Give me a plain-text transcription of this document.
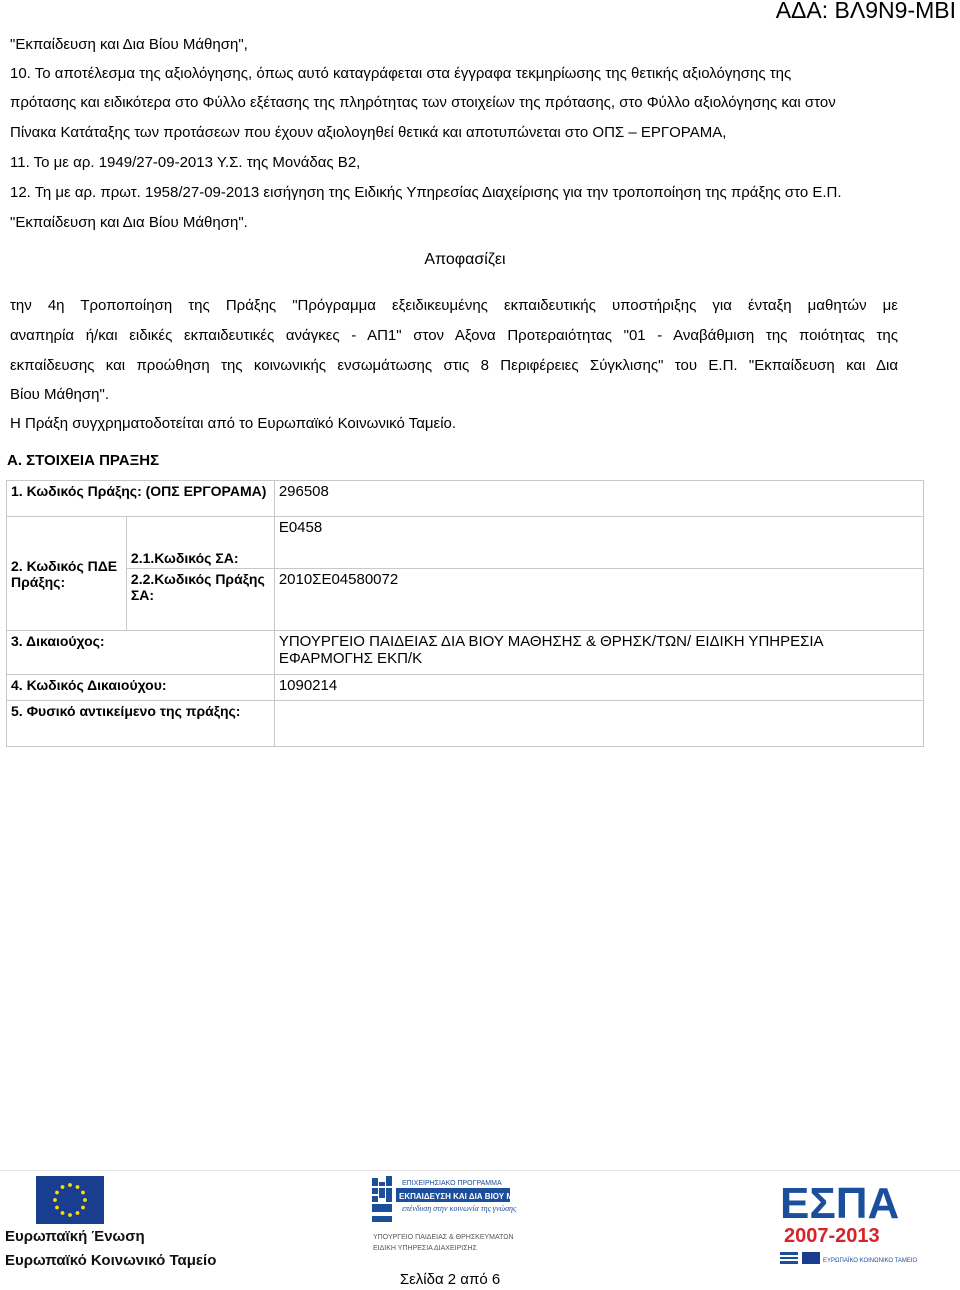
ΑΔΑ: ΒΛ9Ν9-ΜΒΙ
"Εκπαίδευση και Δια Βίου Μάθηση",
10. Το αποτέλεσμα της αξιολόγησης, όπως αυτό καταγράφεται στα έγγραφα τεκμηρίωσης της θετικής αξιολόγησης της
πρότασης και ειδικότερα στο Φύλλο εξέτασης της πληρότητας των στοιχείων της πρότασης, στο Φύλλο αξιολόγησης και στον
Πίνακα Κατάταξης των προτάσεων που έχουν αξιολογηθεί θετικά και αποτυπώνεται στο ΟΠΣ – ΕΡΓΟΡΑΜΑ,
11. Το με αρ. 1949/27-09-2013 Υ.Σ. της Μονάδας Β2,
12. Τη με αρ. πρωτ. 1958/27-09-2013 εισήγηση της Ειδικής Υπηρεσίας Διαχείρισης για την τροποποίηση της πράξης στο Ε.Π.
"Εκπαίδευση και Δια Βίου Μάθηση".
Αποφασίζει
την 4η Τροποποίηση της Πράξης "Πρόγραμμα εξειδικευμένης εκπαιδευτικής υποστήριξης για ένταξη μαθητών με
αναπηρία ή/και ειδικές εκπαιδευτικές ανάγκες - ΑΠ1" στον Αξονα Προτεραιότητας "01 - Αναβάθμιση της ποιότητας της
εκπαίδευσης και προώθηση της κοινωνικής ενσωμάτωσης στις 8 Περιφέρειες Σύγκλισης" του Ε.Π. "Εκπαίδευση και Δια
Βίου Μάθηση".
Η Πράξη συγχρηματοδοτείται από το Ευρωπαϊκό Κοινωνικό Ταμείο.
Α. ΣΤΟΙΧΕΙΑ ΠΡΑΞΗΣ
1. Κωδικός Πράξης: (ΟΠΣ ΕΡΓΟΡΑΜΑ)		296508
2. Κωδικός ΠΔΕ Πράξης:	2.1.Κωδικός ΣΑ:	Ε0458
	2.2.Κωδικός Πράξης ΣΑ:	2010ΣΕ04580072
3. Δικαιούχος:		ΥΠΟΥΡΓΕΙΟ ΠΑΙΔΕΙΑΣ ΔΙΑ ΒΙΟΥ ΜΑΘΗΣΗΣ & ΘΡΗΣΚ/ΤΩΝ/ ΕΙΔΙΚΗ ΥΠΗΡΕΣΙΑ ΕΦΑΡΜΟΓΗΣ ΕΚΠ/Κ
4. Κωδικός Δικαιούχου:		1090214
5. Φυσικό αντικείμενο της πράξης:		
Ευρωπαϊκή Ένωση
Ευρωπαϊκό Κοινωνικό Ταμείο
ΕΠΙΧΕΙΡΗΣΙΑΚΟ ΠΡΟΓΡΑΜΜΑ
ΕΚΠΑΙΔΕΥΣΗ ΚΑΙ ΔΙΑ ΒΙΟΥ ΜΑΘΗΣΗ
επένδυση στην κοινωνία της γνώσης
ΥΠΟΥΡΓΕΙΟ ΠΑΙΔΕΙΑΣ & ΘΡΗΣΚΕΥΜΑΤΩΝ
ΕΙΔΙΚΗ ΥΠΗΡΕΣΙΑ ΔΙΑΧΕΙΡΙΣΗΣ
ΕΣΠΑ
2007-2013
ΕΥΡΩΠΑΪΚΟ ΚΟΙΝΩΝΙΚΟ ΤΑΜΕΙΟ
Σελίδα 2 από 6
